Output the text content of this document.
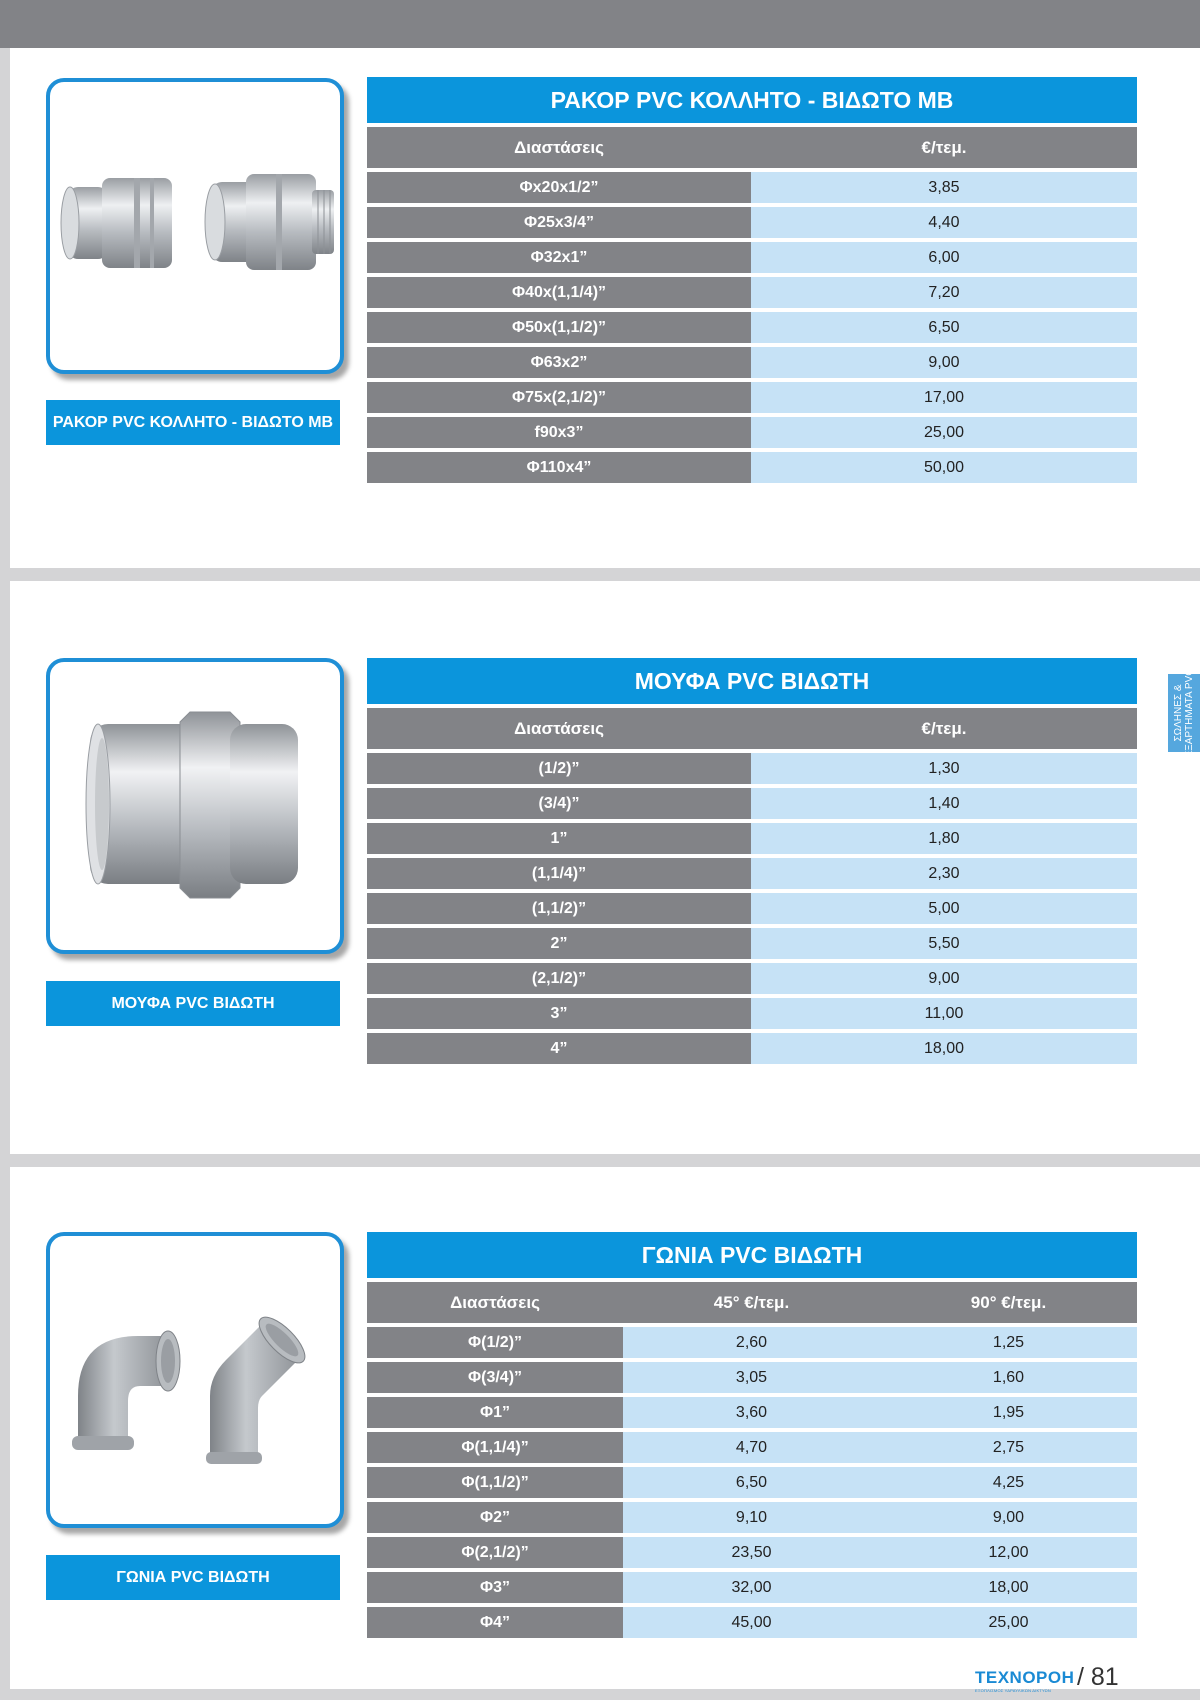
ΡΑΚΟΡ PVC ΚΟΛΛΗΤΟ - ΒΙΔΩΤΟ ΜΒ
ΜΟΥΦΑ PVC ΒΙΔΩΤΗ
ΓΩΝΙΑ PVC ΒΙΔΩΤΗ
ΡΑΚΟΡ PVC ΚΟΛΛΗΤΟ - ΒΙΔΩΤΟ ΜΒ
Διαστάσεις	€/τεμ.
Φx20x1/2”	3,85
Φ25x3/4”	4,40
Φ32x1”	6,00
Φ40x(1,1/4)”	7,20
Φ50x(1,1/2)”	6,50
Φ63x2”	9,00
Φ75x(2,1/2)”	17,00
f90x3”	25,00
Φ110x4”	50,00
ΜΟΥΦΑ PVC ΒΙΔΩΤΗ
Διαστάσεις	€/τεμ.
(1/2)”	1,30
(3/4)”	1,40
1”	1,80
(1,1/4)”	2,30
(1,1/2)”	5,00
2”	5,50
(2,1/2)”	9,00
3”	11,00
4”	18,00
ΓΩΝΙΑ PVC ΒΙΔΩΤΗ
Διαστάσεις	45° €/τεμ.	90° €/τεμ.
Φ(1/2)”	2,60	1,25
Φ(3/4)”	3,05	1,60
Φ1”	3,60	1,95
Φ(1,1/4)”	4,70	2,75
Φ(1,1/2)”	6,50	4,25
Φ2”	9,10	9,00
Φ(2,1/2)”	23,50	12,00
Φ3”	32,00	18,00
Φ4”	45,00	25,00
ΣΩΛΗΝΕΣ &
ΕΞΑΡΤΗΜΑΤΑ PVC
ΤΕΧΝΟΡΟΗ
ΕΞΟΠΛΙΣΜΟΣ ΥΔΡΑΥΛΙΚΩΝ ΔΙΚΤΥΩΝ / 81
